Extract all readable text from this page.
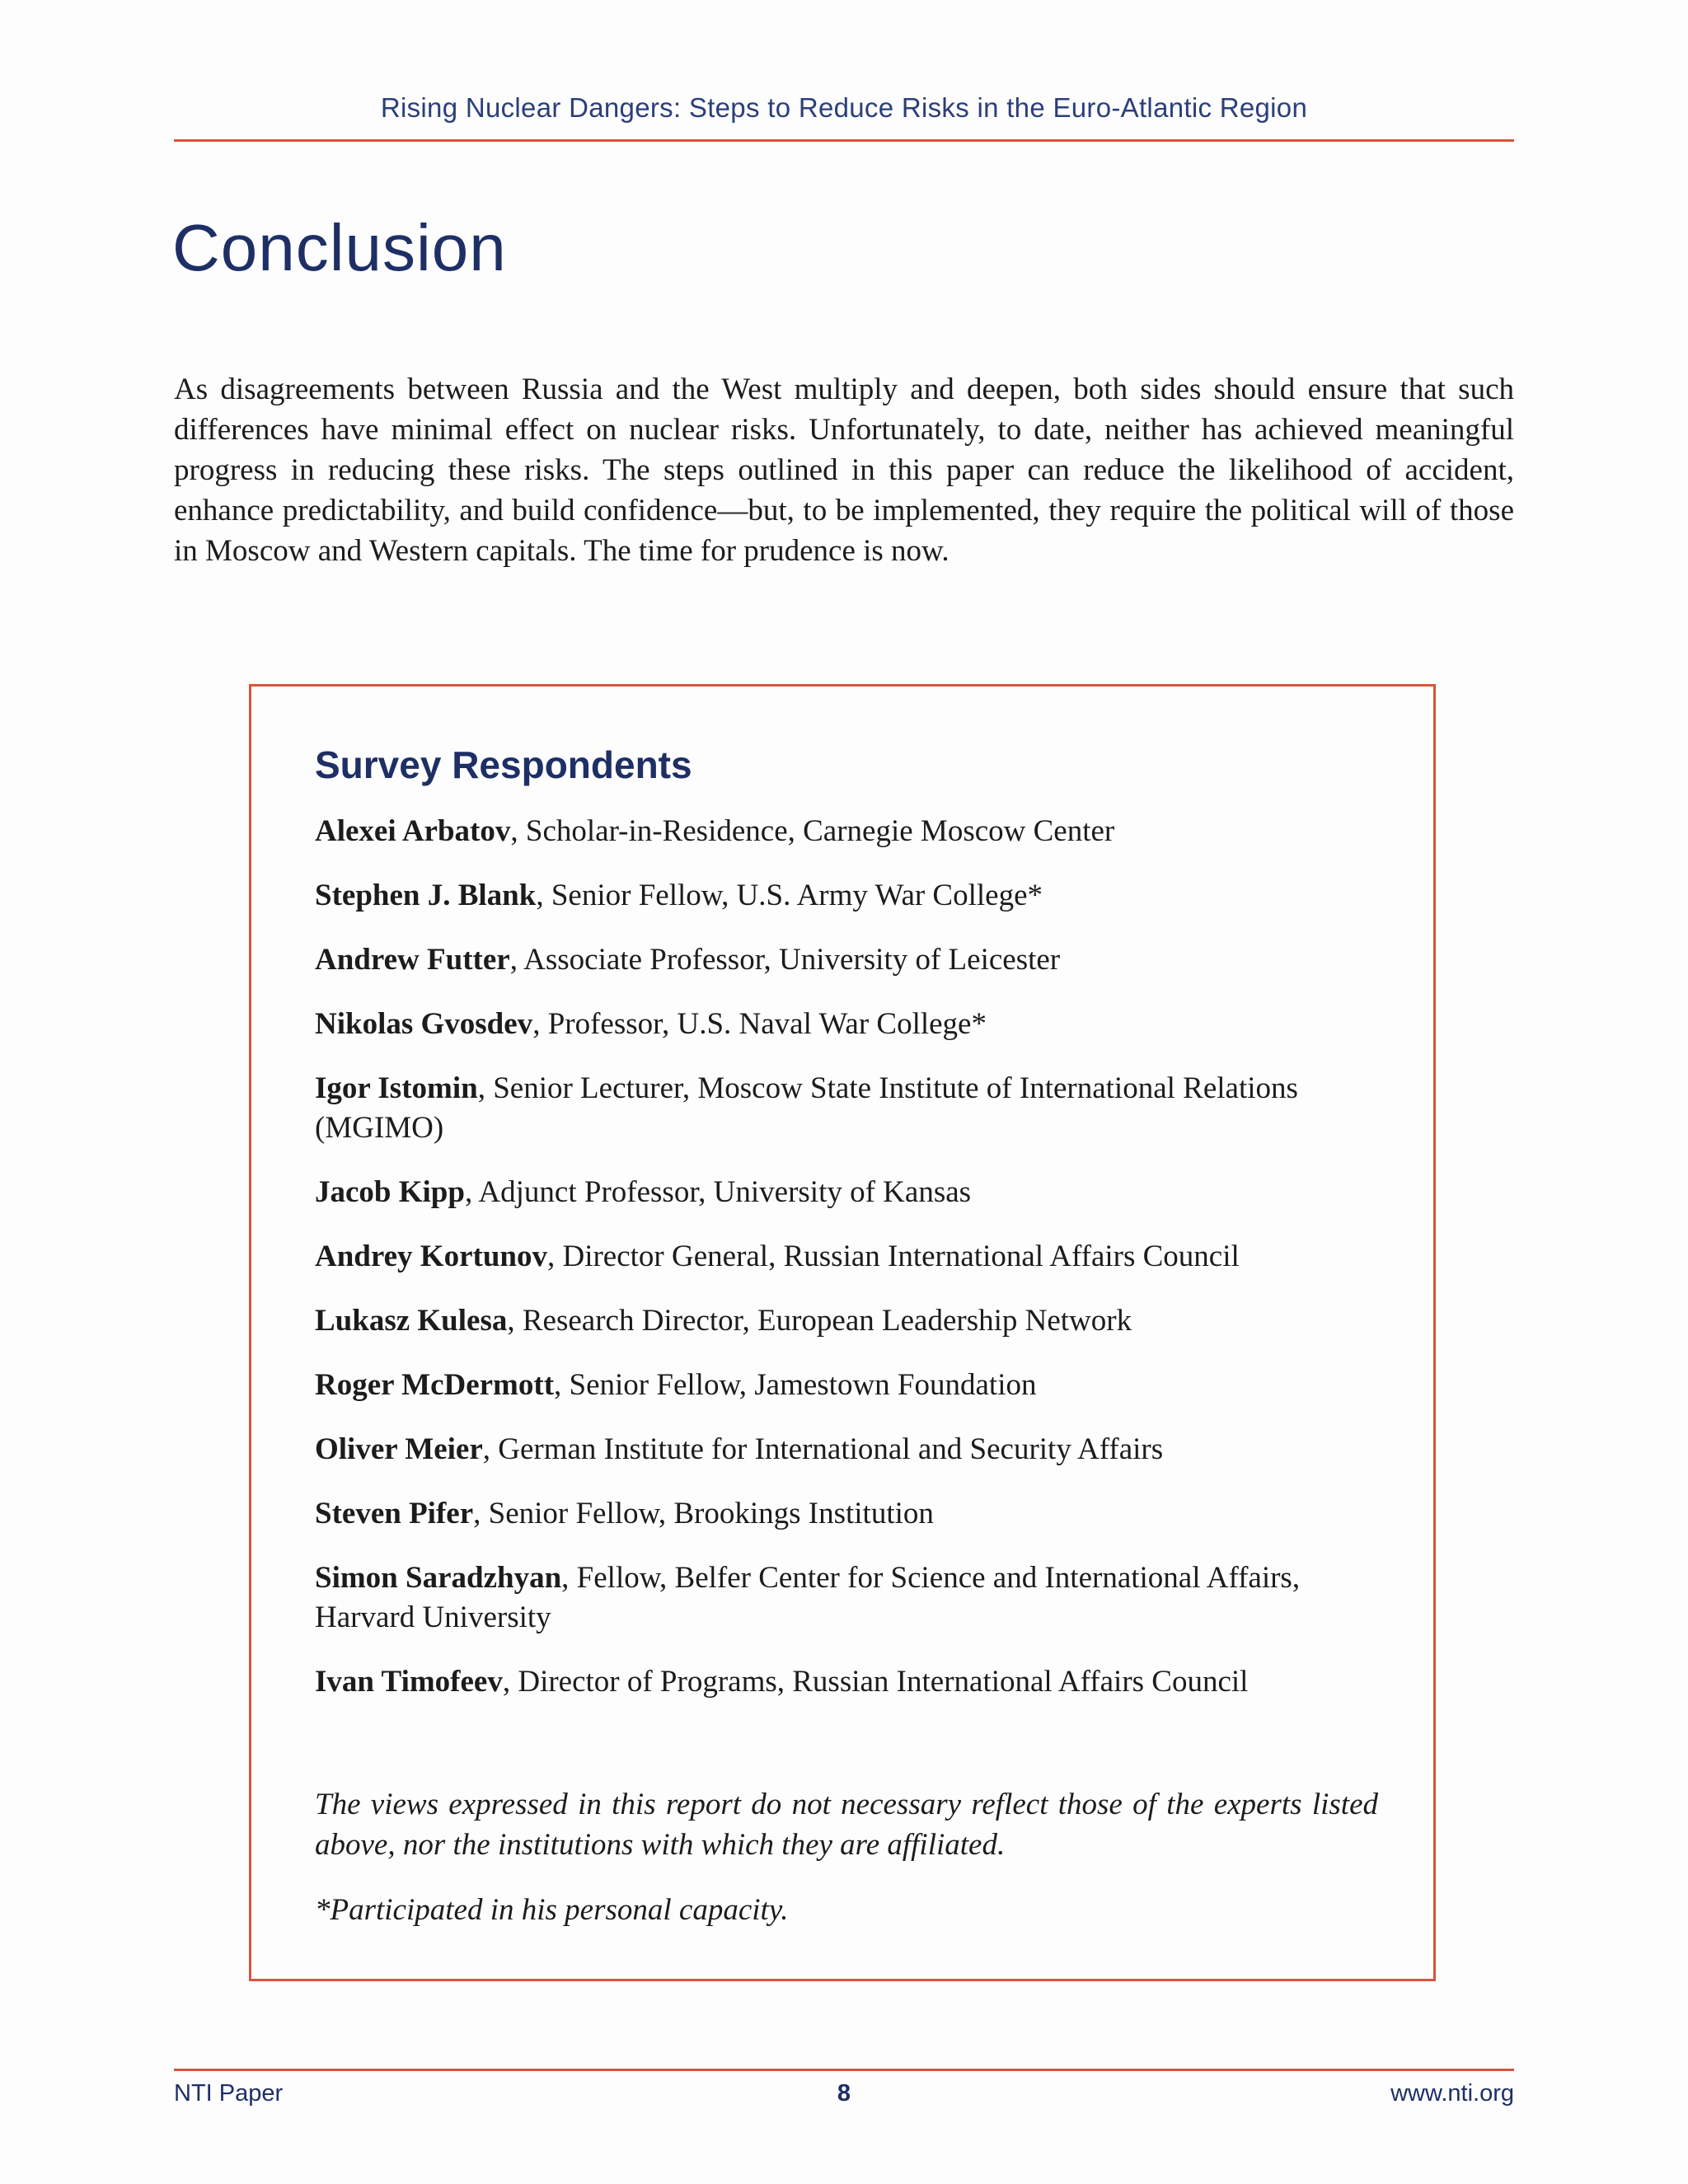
Rising Nuclear Dangers: Steps to Reduce Risks in the Euro-Atlantic Region
Conclusion

As disagreements between Russia and the West multiply and deepen, both sides should ensure that such differences have minimal effect on nuclear risks. Unfortunately, to date, neither has achieved meaningful progress in reducing these risks. The steps outlined in this paper can reduce the likelihood of accident, enhance predictability, and build confidence—but, to be implemented, they require the political will of those in Moscow and Western capitals. The time for prudence is now.

Survey Respondents

Alexei Arbatov, Scholar-in-Residence, Carnegie Moscow Center

Stephen J. Blank, Senior Fellow, U.S. Army War College*

Andrew Futter, Associate Professor, University of Leicester

Nikolas Gvosdev, Professor, U.S. Naval War College*

Igor Istomin, Senior Lecturer, Moscow State Institute of International Relations (MGIMO)

Jacob Kipp, Adjunct Professor, University of Kansas

Andrey Kortunov, Director General, Russian International Affairs Council

Lukasz Kulesa, Research Director, European Leadership Network

Roger McDermott, Senior Fellow, Jamestown Foundation

Oliver Meier, German Institute for International and Security Affairs

Steven Pifer, Senior Fellow, Brookings Institution

Simon Saradzhyan, Fellow, Belfer Center for Science and International Affairs, Harvard University

Ivan Timofeev, Director of Programs, Russian International Affairs Council

The views expressed in this report do not necessary reflect those of the experts listed above, nor the institutions with which they are affiliated.

*Participated in his personal capacity.

NTI Paper	8	www.nti.org
